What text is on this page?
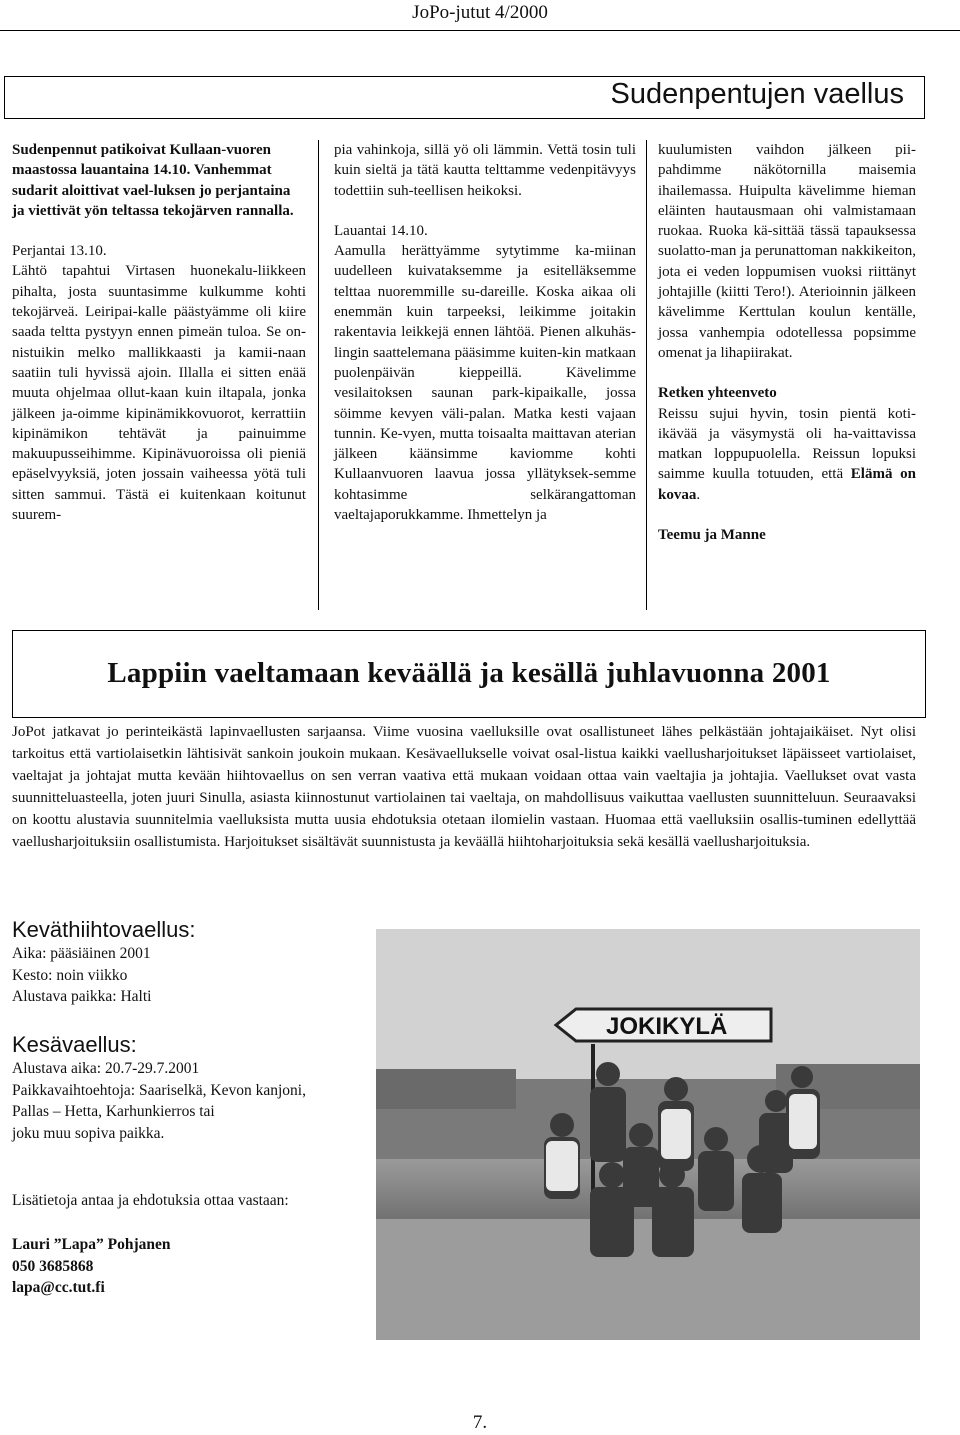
JoPo-jutut 4/2000
Sudenpentujen vaellus

Sudenpennut patikoivat Kullaan-vuoren maastossa lauantaina 14.10. Vanhemmat sudarit aloittivat vael-luksen jo perjantaina ja viettivät yön teltassa tekojärven rannalla.

Perjantai 13.10.

Lähtö tapahtui Virtasen huonekalu-liikkeen pihalta, josta suuntasimme kulkumme kohti tekojärveä. Leiripai-kalle päästyämme oli kiire saada teltta pystyyn ennen pimeän tuloa. Se on-nistuikin melko mallikkaasti ja kamii-naan saatiin tuli hyvissä ajoin. Illalla ei sitten enää muuta ohjelmaa ollut-kaan kuin iltapala, jonka jälkeen ja-oimme kipinämikkovuorot, kerrattiin kipinämikon tehtävät ja painuimme makuupusseihimme. Kipinävuoroissa oli pieniä epäselvyyksiä, joten jossain vaiheessa yötä tuli sitten sammui. Tästä ei kuitenkaan koitunut suurem-

pia vahinkoja, sillä yö oli lämmin. Vettä tosin tuli kuin sieltä ja tätä kautta telttamme vedenpitävyys todettiin suh-teellisen heikoksi.

Lauantai 14.10.

Aamulla herättyämme sytytimme ka-miinan uudelleen kuivataksemme ja esitelläksemme telttaa nuoremmille su-dareille. Koska aikaa oli enemmän kuin tarpeeksi, leikimme joitakin rakentavia leikkejä ennen lähtöä. Pienen alkuhäs-lingin saattelemana pääsimme kuiten-kin matkaan puolenpäivän kieppeillä. Kävelimme vesilaitoksen saunan park-kipaikalle, jossa söimme kevyen väli-palan. Matka kesti vajaan tunnin. Ke-vyen, mutta toisaalta maittavan aterian jälkeen käänsimme kaviomme kohti Kullaanvuoren laavua jossa yllätyksek-semme kohtasimme selkärangattoman vaeltajaporukkamme. Ihmettelyn ja

kuulumisten vaihdon jälkeen pii-pahdimme näkötornilla maisemia ihailemassa. Huipulta kävelimme hieman eläinten hautausmaan ohi valmistamaan ruokaa. Ruoka kä-sittää tässä tapauksessa suolatto-man ja perunattoman nakkikeiton, jota ei veden loppumisen vuoksi riittänyt johtajille (kiitti Tero!). Aterioinnin jälkeen kävelimme Kerttulan koulun kentälle, jossa vanhempia odotellessa popsimme omenat ja lihapiirakat.

Retken yhteenveto

Reissu sujui hyvin, tosin pientä koti-ikävää ja väsymystä oli ha-vaittavissa matkan loppupuolella. Reissun lopuksi saimme kuulla totuuden, että Elämä on kovaa.

Teemu ja Manne

Lappiin vaeltamaan keväällä ja kesällä juhlavuonna 2001
JoPot jatkavat jo perinteikästä lapinvaellusten sarjaansa. Viime vuosina vaelluksille ovat osallistuneet lähes pelkästään johtajaikäiset. Nyt olisi tarkoitus että vartiolaisetkin lähtisivät sankoin joukoin mukaan. Kesävaellukselle voivat osal-listua kaikki vaellusharjoitukset läpäisseet vartiolaiset, vaeltajat ja johtajat mutta kevään hiihtovaellus on sen verran vaativa että mukaan voidaan ottaa vain vaeltajia ja johtajia. Vaellukset ovat vasta suunnitteluasteella, joten juuri Sinulla, asiasta kiinnostunut vartiolainen tai vaeltaja, on mahdollisuus vaikuttaa vaellusten suunnitteluun. Seuraavaksi on koottu alustavia suunnitelmia vaelluksista mutta uusia ehdotuksia otetaan ilomielin vastaan. Huomaa että vaelluksiin osallis-tuminen edellyttää vaellusharjoituksiin osallistumista. Harjoitukset sisältävät suunnistusta ja keväällä hiihtoharjoituksia sekä kesällä vaellusharjoituksia.
Keväthiihtovaellus:
Aika: pääsiäinen 2001
Kesto: noin viikko
Alustava paikka: Halti
Kesävaellus:
Alustava aika: 20.7-29.7.2001
Paikkavaihtoehtoja: Saariselkä, Kevon kanjoni,
Pallas – Hetta, Karhunkierros tai
joku muu sopiva paikka.
Lisätietoja antaa ja ehdotuksia ottaa vastaan:
Lauri ”Lapa” Pohjanen
050 3685868
lapa@cc.tut.fi
JOKIKYLÄ
7.
